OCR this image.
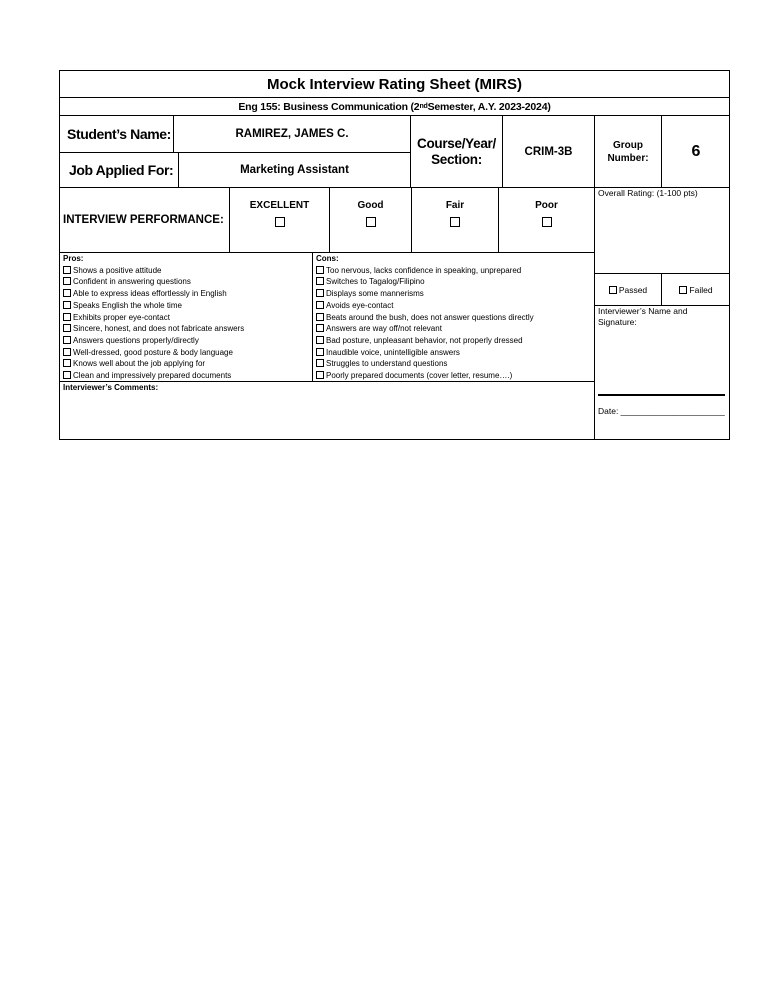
Mock Interview Rating Sheet (MIRS)
Eng 155: Business Communication (2 nd Semester, A.Y. 2023-2024)
Student’s Name:	RAMIREZ, JAMES C.
Job Applied For:	Marketing Assistant
Course/Year/
Section:	CRIM-3B
Group
Number:	6
INTERVIEW PERFORMANCE:
EXCELLENT	Good	Fair	Poor
Overall Rating: (1-100 pts)
Passed	Failed
Interviewer’s Name and
Signature:
Date: ______________________
Pros:
Shows a positive attitude
Confident in answering questions
Able to express ideas effortlessly in English
Speaks English the whole time
Exhibits proper eye-contact
Sincere, honest, and does not fabricate answers
Answers questions properly/directly
Well-dressed, good posture & body language
Knows well about the job applying for
Clean and impressively prepared documents
Cons:
Too nervous, lacks confidence in speaking, unprepared
Switches to Tagalog/Filipino
Displays some mannerisms
Avoids eye-contact
Beats around the bush, does not answer questions directly
Answers are way off/not relevant
Bad posture, unpleasant behavior, not properly dressed
Inaudible voice, unintelligible answers
Struggles to understand questions
Poorly prepared documents (cover letter, resume….)
Interviewer’s Comments:
